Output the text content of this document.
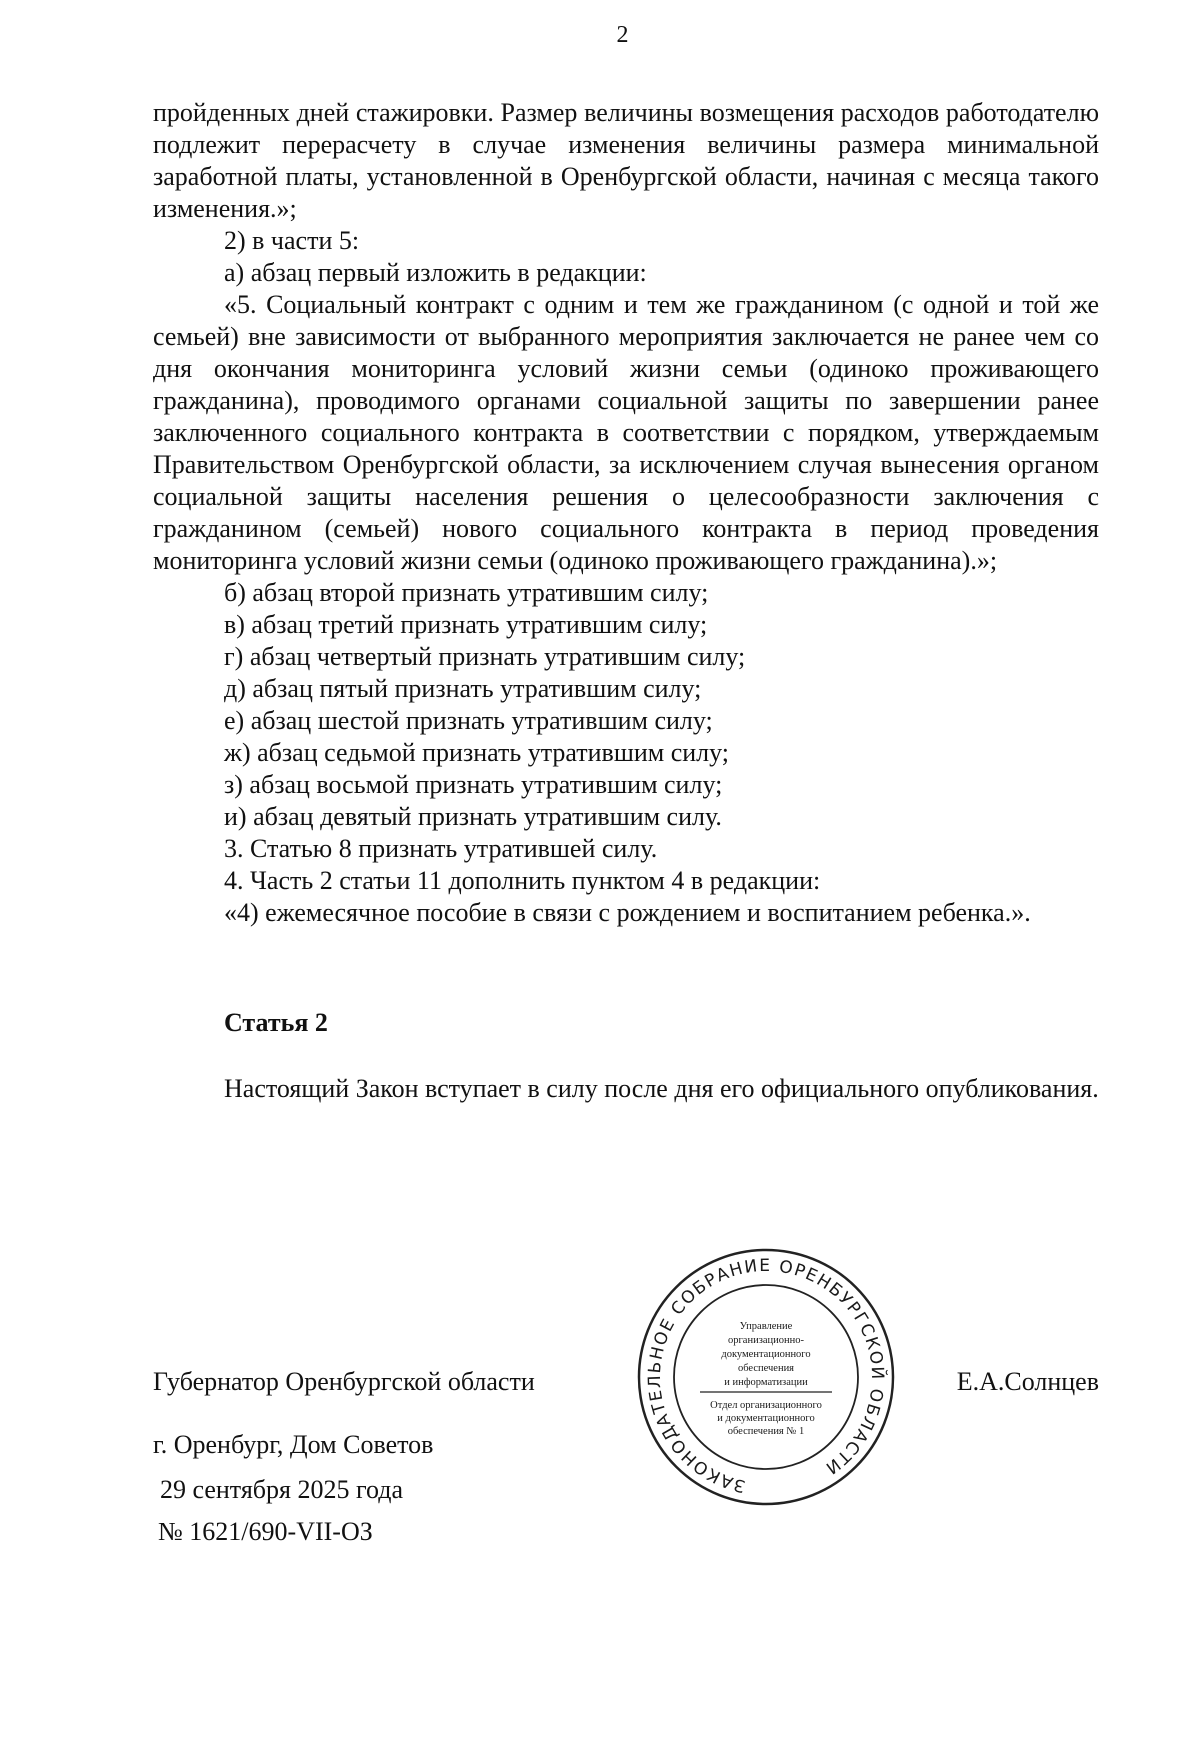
2

пройденных дней стажировки. Размер величины возмещения расходов работодателю подлежит перерасчету в случае изменения величины размера минимальной заработной платы, установленной в Оренбургской области, начиная с месяца такого изменения.»;

2) в части 5:

а) абзац первый изложить в редакции:

«5. Социальный контракт с одним и тем же гражданином (с одной и той же семьей) вне зависимости от выбранного мероприятия заключается не ранее чем со дня окончания мониторинга условий жизни семьи (одиноко проживающего гражданина), проводимого органами социальной защиты по завершении ранее заключенного социального контракта в соответствии с порядком, утверждаемым Правительством Оренбургской области, за исключением случая вынесения органом социальной защиты населения решения о целесообразности заключения с гражданином (семьей) нового социального контракта в период проведения мониторинга условий жизни семьи (одиноко проживающего гражданина).»;

б) абзац второй признать утратившим силу;

в) абзац третий признать утратившим силу;

г) абзац четвертый признать утратившим силу;

д) абзац пятый признать утратившим силу;

е) абзац шестой признать утратившим силу;

ж) абзац седьмой признать утратившим силу;

з) абзац восьмой признать утратившим силу;

и) абзац девятый признать утратившим силу.

3. Статью 8 признать утратившей силу.

4. Часть 2 статьи 11 дополнить пунктом 4 в редакции:

«4) ежемесячное пособие в связи с рождением и воспитанием ребенка.».

Статья 2

Настоящий Закон вступает в силу после дня его официального опубликования.

Губернатор Оренбургской области	Е.А.Солнцев
г. Оренбург, Дом Советов
29 сентября 2025 года
№ 1621/690-VII-ОЗ
ЗАКОНОДАТЕЛЬНОЕ СОБРАНИЕ ОРЕНБУРГСКОЙ ОБЛАСТИ
Управление
организационно-
документационного
обеспечения
и информатизации
Отдел организационного
и документационного
обеспечения № 1
